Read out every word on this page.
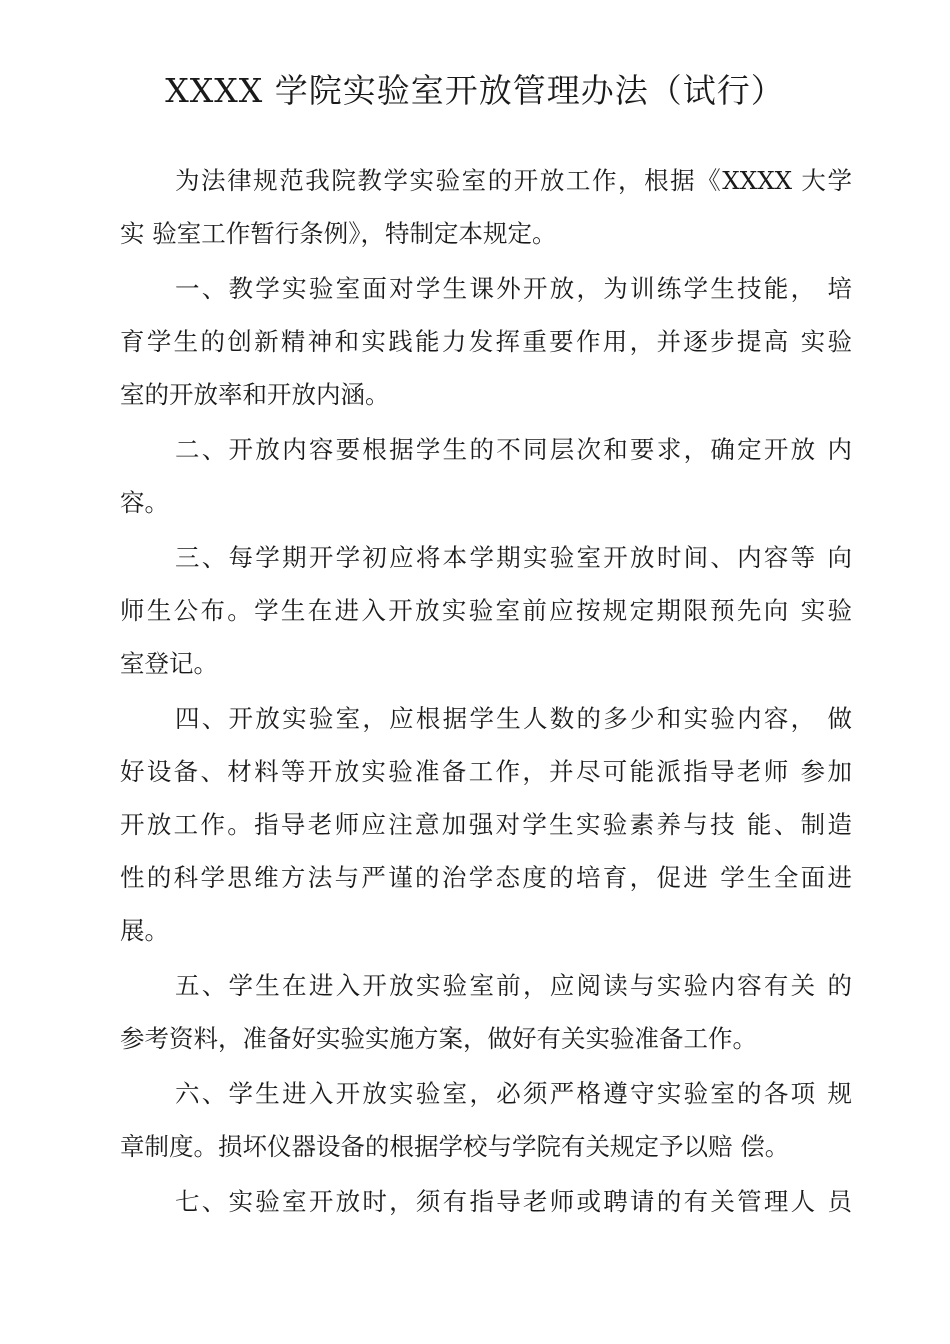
XXXX 学院实验室开放管理办法（试行）
为法律规范我院教学实验室的开放工作，根据《XXXX 大学
实 验室工作暂行条例》，特制定本规定。
一、教学实验室面对学生课外开放，为训练学生技能， 培
育学生的创新精神和实践能力发挥重要作用，并逐步提高 实验
室的开放率和开放内涵。
二、开放内容要根据学生的不同层次和要求，确定开放 内
容。
三、每学期开学初应将本学期实验室开放时间、内容等 向
师生公布。学生在进入开放实验室前应按规定期限预先向 实验
室登记。
四、开放实验室，应根据学生人数的多少和实验内容， 做
好设备、材料等开放实验准备工作，并尽可能派指导老师 参加
开放工作。指导老师应注意加强对学生实验素养与技 能、制造
性的科学思维方法与严谨的治学态度的培育，促进 学生全面进
展。
五、学生在进入开放实验室前，应阅读与实验内容有关 的
参考资料，准备好实验实施方案，做好有关实验准备工作。
六、学生进入开放实验室，必须严格遵守实验室的各项 规
章制度。损坏仪器设备的根据学校与学院有关规定予以赔 偿。
七、实验室开放时，须有指导老师或聘请的有关管理人 员
